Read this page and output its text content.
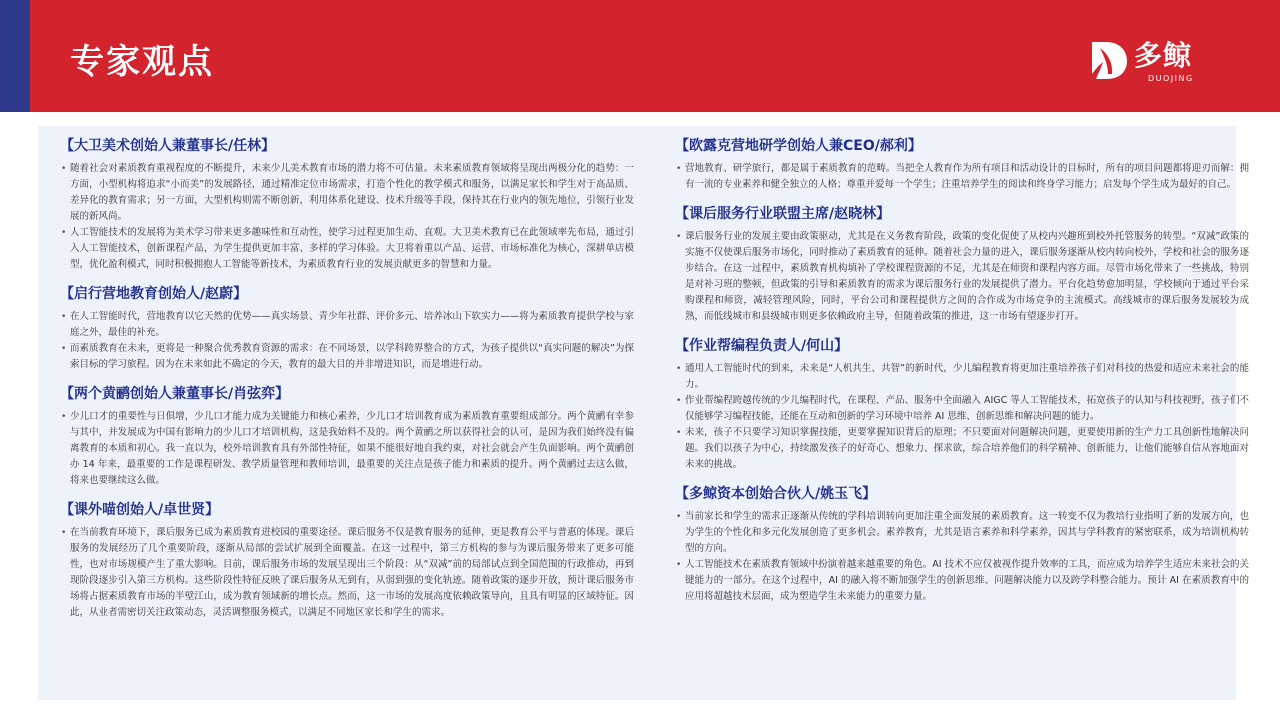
专家观点	多鲸
DUOJING
【大卫美术创始人兼董事长/任林】
• 随着社会对素质教育重视程度的不断提升，未来少儿美术教育市场的潜力将不可估量。未来素质教育领域将呈现出两极分化的趋势：一方面，小型机构将追求“小而美”的发展路径，通过精准定位市场需求，打造个性化的教学模式和服务，以满足家长和学生对于高品质、差异化的教育需求；另一方面，大型机构则需不断创新，利用体系化建设、技术升级等手段，保持其在行业内的领先地位，引领行业发展的新风尚。
• 人工智能技术的发展将为美术学习带来更多趣味性和互动性，使学习过程更加生动、直观。大卫美术教育已在此领域率先布局，通过引入人工智能技术，创新课程产品，为学生提供更加丰富、多样的学习体验。大卫将着重以产品、运营、市场标准化为核心，深耕单店模型，优化盈利模式，同时积极拥抱人工智能等新技术，为素质教育行业的发展贡献更多的智慧和力量。
【启行营地教育创始人/赵蔚】
• 在人工智能时代，营地教育以它天然的优势——真实场景、青少年社群、评价多元、培养冰山下软实力——将为素质教育提供学校与家庭之外，最佳的补充。
• 而素质教育在未来，更将是一种聚合优秀教育资源的需求：在不同场景，以学科跨界整合的方式，为孩子提供以“真实问题的解决”为探索目标的学习旅程。因为在未来如此不确定的今天，教育的最大目的并非增进知识，而是增进行动。
【两个黄鹂创始人兼董事长/肖弦弈】
• 少儿口才的重要性与日俱增，少儿口才能力成为关键能力和核心素养，少儿口才培训教育成为素质教育重要组成部分。两个黄鹂有幸参与其中，并发展成为中国有影响力的少儿口才培训机构，这是我始料不及的。两个黄鹂之所以获得社会的认可，是因为我们始终没有偏离教育的本质和初心。我一直以为，校外培训教育具有外部性特征，如果不能很好地自我约束，对社会就会产生负面影响。两个黄鹂创办 14 年来，最重要的工作是课程研发、教学质量管理和教师培训，最重要的关注点是孩子能力和素质的提升。两个黄鹂过去这么做，将来也要继续这么做。
【课外喵创始人/卓世贤】
• 在当前教育环境下，课后服务已成为素质教育进校园的重要途径。课后服务不仅是教育服务的延伸，更是教育公平与普惠的体现。课后服务的发展经历了几个重要阶段，逐渐从局部的尝试扩展到全面覆盖。在这一过程中，第三方机构的参与为课后服务带来了更多可能性，也对市场规模产生了重大影响。目前，课后服务市场的发展呈现出三个阶段：从“双减”前的局部试点到全国范围的行政推动，再到现阶段逐步引入第三方机构。这些阶段性特征反映了课后服务从无到有，从弱到强的变化轨迹。随着政策的逐步开放，预计课后服务市场将占据素质教育市场的半壁江山，成为教育领域新的增长点。然而，这一市场的发展高度依赖政策导向，且具有明显的区域特征。因此，从业者需密切关注政策动态，灵活调整服务模式，以满足不同地区家长和学生的需求。
【欧露克营地研学创始人兼CEO/郝利】
• 营地教育、研学旅行，都是属于素质教育的范畴。当把全人教育作为所有项目和活动设计的目标时，所有的项目问题都将迎刃而解：拥有一流的专业素养和健全独立的人格；尊重并爱每一个学生；注重培养学生的阅读和终身学习能力；启发每个学生成为最好的自己。
【课后服务行业联盟主席/赵晓林】
• 课后服务行业的发展主要由政策驱动，尤其是在义务教育阶段，政策的变化促使了从校内兴趣班到校外托管服务的转型。“双减”政策的实施不仅使课后服务市场化，同时推动了素质教育的延伸。随着社会力量的进入，课后服务逐渐从校内转向校外，学校和社会的服务逐步结合。在这一过程中，素质教育机构填补了学校课程资源的不足，尤其是在师资和课程内容方面。尽管市场化带来了一些挑战，特别是对补习班的整顿，但政策的引导和素质教育的需求为课后服务行业的发展提供了潜力。平台化趋势愈加明显，学校倾向于通过平台采购课程和师资，减轻管理风险，同时，平台公司和课程提供方之间的合作成为市场竞争的主流模式。高线城市的课后服务发展较为成熟，而低线城市和县级城市则更多依赖政府主导，但随着政策的推进，这一市场有望逐步打开。
【作业帮编程负责人/何山】
• 通用人工智能时代的到来，未来是“人机共生、共智”的新时代，少儿编程教育将更加注重培养孩子们对科技的热爱和适应未来社会的能力。
• 作业帮编程跨越传统的少儿编程时代，在课程、产品、服务中全面融入 AIGC 等人工智能技术，拓宽孩子的认知与科技视野，孩子们不仅能够学习编程技能，还能在互动和创新的学习环境中培养 AI 思维、创新思维和解决问题的能力。
• 未来，孩子不只要学习知识掌握技能，更要掌握知识背后的原理；不只要面对问题解决问题，更要使用新的生产力工具创新性地解决问题。我们以孩子为中心，持续激发孩子的好奇心、想象力、探求欲，综合培养他们的科学精神、创新能力，让他们能够自信从容地面对未来的挑战。
【多鲸资本创始合伙人/姚玉飞】
• 当前家长和学生的需求正逐渐从传统的学科培训转向更加注重全面发展的素质教育。这一转变不仅为教培行业指明了新的发展方向，也为学生的个性化和多元化发展创造了更多机会。素养教育，尤其是语言素养和科学素养，因其与学科教育的紧密联系，成为培训机构转型的方向。
• 人工智能技术在素质教育领域中扮演着越来越重要的角色。AI 技术不应仅被视作提升效率的工具，而应成为培养学生适应未来社会的关键能力的一部分。在这个过程中，AI 的融入将不断加强学生的创新思维、问题解决能力以及跨学科整合能力。预计 AI 在素质教育中的应用将超越技术层面，成为塑造学生未来能力的重要力量。
